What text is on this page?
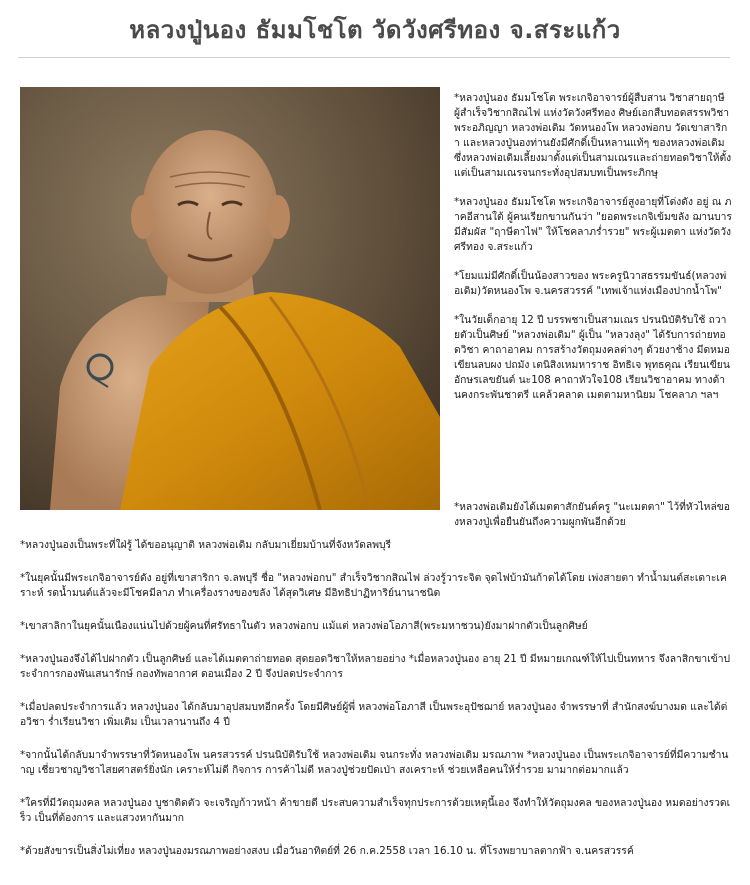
หลวงปู่นอง ธัมมโชโต วัดวังศรีทอง จ.สระแก้ว

*หลวงปู่นอง ธัมมโชโต พระเกจิอาจารย์ผู้สืบสาน วิชาสายฤาษี ผู้สำเร็จวิชากสิณไฟ แห่งวัดวังศรีทอง ศิษย์เอกสืบทอดสรรพวิชา พระอภิญญา หลวงพ่อเดิม วัดหนองโพ หลวงพ่อกบ วัดเขาสาริกา และหลวงปู่นองท่านยังมีศักดิ์เป็นหลานแท้ๆ ของหลวงพ่อเดิม ซึ่งหลวงพ่อเดิมเลี้ยงมาตั้งแต่เป็นสามเณรและถ่ายทอดวิชาให้ตั้งแต่เป็นสามเณรจนกระทั่งอุปสมบทเป็นพระภิกษุ

*หลวงปู่นอง ธัมมโชโต พระเกจิอาจารย์สูงอายุที่โด่งดัง อยู่ ณ ภาคอีสานใต้ ผู้คนเรียกขานกันว่า "ยอดพระเกจิเข้มขลัง ฌานบารมีสัมผัส "ฤาษีตาไฟ" ให้โชคลาภร่ำรวย" พระผู้เมตตา แห่งวัดวังศรีทอง จ.สระแก้ว

*โยมแม่มีศักดิ์เป็นน้องสาวของ พระครูนิวาสธรรมขันธ์(หลวงพ่อเดิม)วัดหนองโพ จ.นครสวรรค์ "เทพเจ้าแห่งเมืองปากน้ำโพ"

*ในวัยเด็กอายุ 12 ปี บรรพชาเป็นสามเณร ปรนนิบัติรับใช้ ถวายตัวเป็นศิษย์ "หลวงพ่อเดิม" ผู้เป็น "หลวงลุง" ได้รับการถ่ายทอดวิชา คาถาอาคม การสร้างวัตถุมงคลต่างๆ ด้วยงาช้าง มีดหมอ เขียนลบผง ปถมัง เตนิสิงเหมหาราช อิทธิเจ พุทธคุณ เรียนเขียนอักษรเลขยันต์ นะ108 คาถาหัวใจ108 เรียนวิชาอาคม ทางด้านคงกระพันชาตรี แคล้วคลาด เมตตามหานิยม โชคลาภ ฯลฯ

*หลวงพ่อเดิมยังได้เมตตาสักยันต์ครู "นะเมตตา" ไว้ที่หัวไหล่ของหลวงปู่เพื่อยืนยันถึงความผูกพันอีกด้วย

*หลวงปู่นองเป็นพระที่ใฝ่รู้ ได้ขออนุญาติ หลวงพ่อเดิม กลับมาเยี่ยมบ้านที่จังหวัดลพบุรี

*ในยุคนั้นมีพระเกจิอาจารย์ดัง อยู่ที่เขาสาริกา จ.ลพบุรี ชื่อ "หลวงพ่อกบ" สำเร็จวิชากสิณไฟ ล่วงรู้วาระจิต จุดไฟบ้ามันก้าดได้โดย เพ่งสายตา ทำน้ำมนต์สะเดาะเคราะห์ รดน้ำมนต์แล้วจะมีโชคมีลาภ ทำเครื่องรางของขลัง ได้สุดวิเศษ มีอิทธิปาฏิหาริย์นานาชนิด

*เขาสาลิกาในยุคนั้นเนืองแน่นไปด้วยผู้คนที่ศรัทธาในตัว หลวงพ่อกบ แม้แต่ หลวงพ่อโอภาสี(พระมหาชวน)ยังมาฝากตัวเป็นลูกศิษย์

*หลวงปู่นองจึงได้ไปฝากตัว เป็นลูกศิษย์ และได้เมตตาถ่ายทอด สุดยอดวิชาให้หลายอย่าง *เมื่อหลวงปู่นอง อายุ 21 ปี มีหมายเกณฑ์ให้ไปเป็นทหาร จึงลาสิกขาเข้าประจำการกองพันเสนารักษ์ กองทัพอากาศ ดอนเมือง 2 ปี จึงปลดประจำการ

*เมื่อปลดประจำการแล้ว หลวงปู่นอง ได้กลับมาอุปสมบทอีกครั้ง โดยมีศิษย์ผู้พี่ หลวงพ่อโอภาสี เป็นพระอุปัชฌาย์ หลวงปู่นอง จำพรรษาที่ สำนักสงฆ์บางมด และได้ต่อวิชา ร่ำเรียนวิชา เพิ่มเติม เป็นเวลานานถึง 4 ปี

*จากนั้นได้กลับมาจำพรรษาที่วัดหนองโพ นครสวรรค์ ปรนนิบัติรับใช้ หลวงพ่อเดิม จนกระทั่ง หลวงพ่อเดิม มรณภาพ *หลวงปู่นอง เป็นพระเกจิอาจารย์ที่มีความชำนาญ เชี่ยวชาญวิชาไสยศาสตร์ยิ่งนัก เคราะห์ไม่ดี กิจการ การค้าไม่ดี หลวงปู่ช่วยปัดเป่า สงเคราะห์ ช่วยเหลือคนให้ร่ำรวย มามากต่อมากแล้ว

*ใครที่มีวัตถุมงคล หลวงปู่นอง บูชาติดตัว จะเจริญก้าวหน้า ค้าขายดี ประสบความสำเร็จทุกประการด้วยเหตุนี้เอง จึงทำให้วัตถุมงคล ของหลวงปู่นอง หมดอย่างรวดเร็ว เป็นที่ต้องการ และแสวงหากันมาก

*ด้วยสังขารเป็นสิ่งไม่เที่ยง หลวงปู่นองมรณภาพอย่างสงบ เมื่อวันอาทิตย์ที่ 26 ก.ค.2558 เวลา 16.10 น. ที่โรงพยาบาลตากฟ้า จ.นครสวรรค์
